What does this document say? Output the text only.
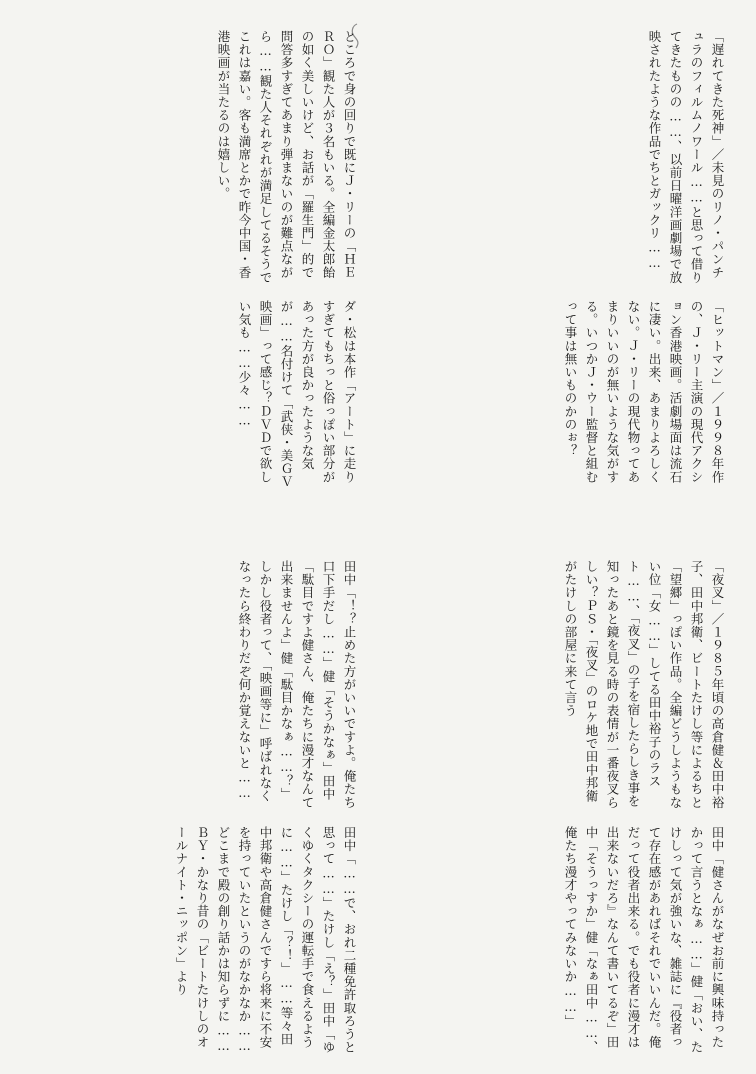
「遅れてきた死神」／未見のリノ・パンチュラのフィルムノワール……と思って借りてきたものの……、以前日曜洋画劇場で放映されたような作品でちとガックリ……
「ヒットマン」／１９９８年作の、Ｊ・リー主演の現代アクション香港映画。活劇場面は流石に凄い。出来、あまりよろしくない。Ｊ・リーの現代物ってあまりいいのが無いような気がする。いつかＪ・ウー監督と組むって事は無いものかのぉ？
ところで身の回りで既にＪ・リーの「ＨＥＲＯ」観た人が３名もいる。全編金太郎飴の如く美しいけど、お話が「羅生門」的で問答多すぎてあまり弾まないのが難点ながら……観た人それぞれが満足してるそうでこれは嘉い。客も満席とかで昨今中国・香港映画が当たるのは嬉しい。
ダ・松は本作「アート」に走りすぎてもちっと俗っぽい部分があった方が良かったような気が……名付けて「武侠・美ＧＶ映画」って感じ？ＤＶＤで欲しい気も……少々……
「夜叉」／１９８５年頃の高倉健＆田中裕子、田中邦衛、ビートたけし等によるちと「望郷」っぽい作品。全編どうしようもない位「女……」してる田中裕子のラスト……、「夜叉」の子を宿したらしき事を知ったあと鏡を見る時の表情が一番夜叉らしい？ＰＳ・「夜叉」のロケ地で田中邦衛がたけしの部屋に来て言う
田中「健さんがなぜお前に興味持ったかって言うとなぁ……」健「おい、たけしって気が強いな、雑誌に『役者って存在感があればそれでいいんだ。俺だって役者出来る。でも役者に漫才は出来ないだろ』なんて書いてるぞ」田中「そうっすか」健「なぁ田中……、俺たち漫才やってみないか……」
田中「！？止めた方がいいですよ。俺たち口下手だし……」健「そうかなぁ」田中「駄目ですよ健さん、俺たちに漫才なんて出来ませんよ」健「駄目かなぁ……？」しかし役者って、「映画等に」呼ばれなくなったら終わりだぞ何か覚えないと……
田中「……で、おれ二種免許取ろうと思って……」たけし「え？」田中「ゆくゆくタクシーの運転手で食えるように……」たけし「？！」……等々田中邦衛や高倉健さんですら将来に不安を持っていたというのがなかなか……どこまで殿の創り話かは知らずに……ＢＹ・かなり昔の「ビートたけしのオールナイト・ニッポン」より
